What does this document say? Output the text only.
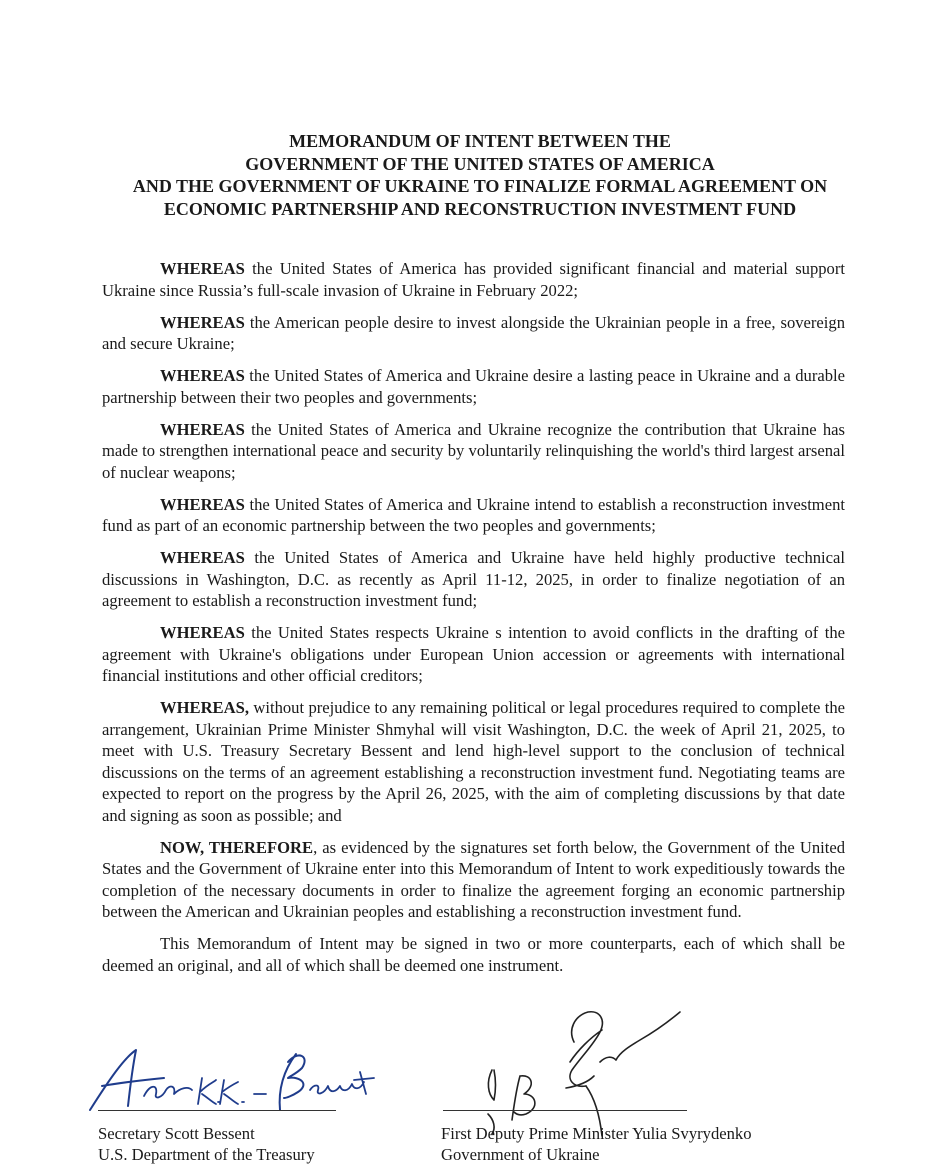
MEMORANDUM OF INTENT BETWEEN THE
GOVERNMENT OF THE UNITED STATES OF AMERICA
AND THE GOVERNMENT OF UKRAINE TO FINALIZE FORMAL AGREEMENT ON
ECONOMIC PARTNERSHIP AND RECONSTRUCTION INVESTMENT FUND

WHEREAS the United States of America has provided significant financial and material support Ukraine since Russia’s full-scale invasion of Ukraine in February 2022;

WHEREAS the American people desire to invest alongside the Ukrainian people in a free, sovereign and secure Ukraine;

WHEREAS the United States of America and Ukraine desire a lasting peace in Ukraine and a durable partnership between their two peoples and governments;

WHEREAS the United States of America and Ukraine recognize the contribution that Ukraine has made to strengthen international peace and security by voluntarily relinquishing the world's third largest arsenal of nuclear weapons;

WHEREAS the United States of America and Ukraine intend to establish a reconstruction investment fund as part of an economic partnership between the two peoples and governments;

WHEREAS the United States of America and Ukraine have held highly productive technical discussions in Washington, D.C. as recently as April 11-12, 2025, in order to finalize negotiation of an agreement to establish a reconstruction investment fund;

WHEREAS the United States respects Ukraine s intention to avoid conflicts in the drafting of the agreement with Ukraine's obligations under European Union accession or agreements with international financial institutions and other official creditors;

WHEREAS, without prejudice to any remaining political or legal procedures required to complete the arrangement, Ukrainian Prime Minister Shmyhal will visit Washington, D.C. the week of April 21, 2025, to meet with U.S. Treasury Secretary Bessent and lend high-level support to the conclusion of technical discussions on the terms of an agreement establishing a reconstruction investment fund. Negotiating teams are expected to report on the progress by the April 26, 2025, with the aim of completing discussions by that date and signing as soon as possible; and

NOW, THEREFORE, as evidenced by the signatures set forth below, the Government of the United States and the Government of Ukraine enter into this Memorandum of Intent to work expeditiously towards the completion of the necessary documents in order to finalize the agreement forging an economic partnership between the American and Ukrainian peoples and establishing a reconstruction investment fund.

This Memorandum of Intent may be signed in two or more counterparts, each of which shall be deemed an original, and all of which shall be deemed one instrument.

Secretary Scott Bessent	First Deputy Prime Minister Yulia Svyrydenko
U.S. Department of the Treasury	Government of Ukraine
